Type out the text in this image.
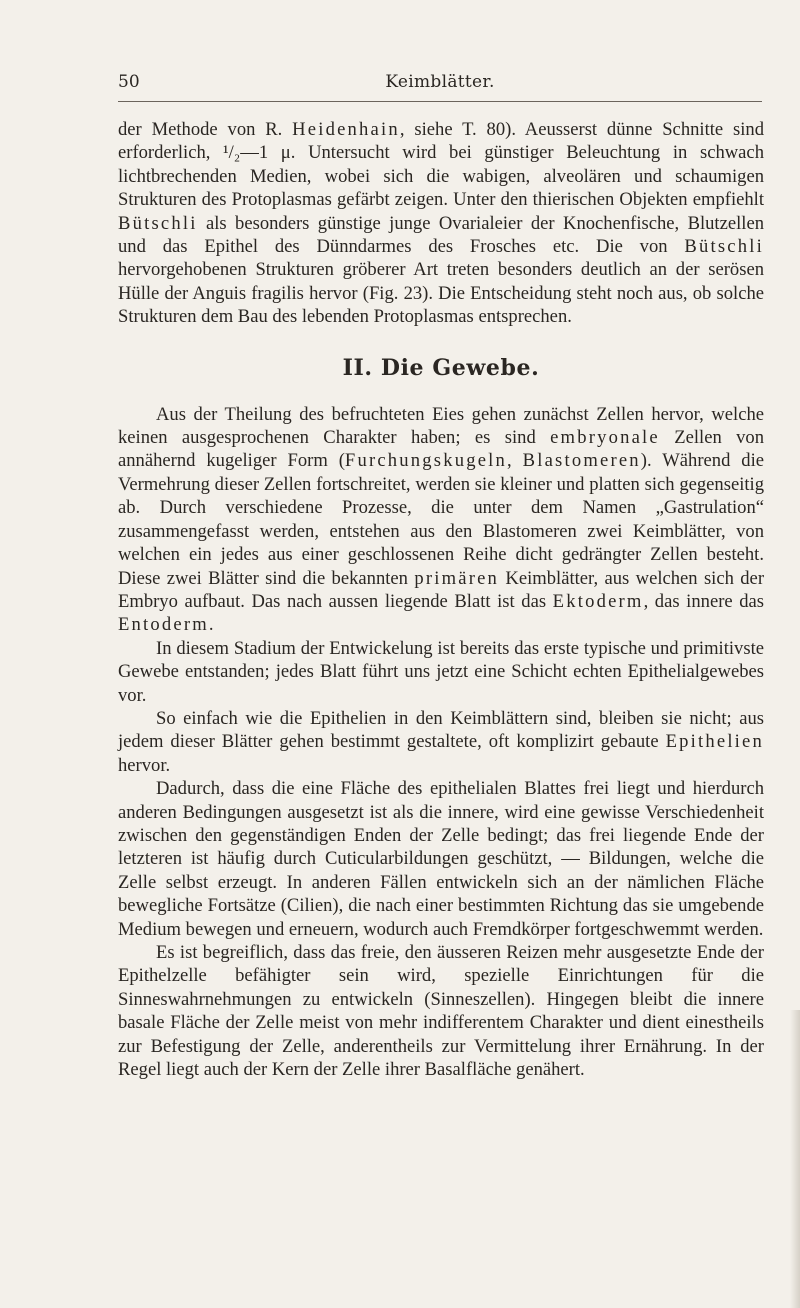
50	Keimblätter.

der Methode von R. Heidenhain, siehe T. 80). Aeusserst dünne Schnitte sind erforderlich, ¹/₂—1 μ. Untersucht wird bei günstiger Beleuchtung in schwach lichtbrechenden Medien, wobei sich die wabigen, alveolären und schaumigen Strukturen des Protoplasmas gefärbt zeigen. Unter den thierischen Objekten empfiehlt Bütschli als besonders günstige junge Ovarialeier der Knochenfische, Blutzellen und das Epithel des Dünndarmes des Frosches etc. Die von Bütschli hervorgehobenen Strukturen gröberer Art treten besonders deutlich an der serösen Hülle der Anguis fragilis hervor (Fig. 23). Die Entscheidung steht noch aus, ob solche Strukturen dem Bau des lebenden Protoplasmas entsprechen.

II. Die Gewebe.

Aus der Theilung des befruchteten Eies gehen zunächst Zellen hervor, welche keinen ausgesprochenen Charakter haben; es sind embryonale Zellen von annähernd kugeliger Form (Furchungskugeln, Blastomeren). Während die Vermehrung dieser Zellen fortschreitet, werden sie kleiner und platten sich gegenseitig ab. Durch verschiedene Prozesse, die unter dem Namen „Gastrulation“ zusammengefasst werden, entstehen aus den Blastomeren zwei Keimblätter, von welchen ein jedes aus einer geschlossenen Reihe dicht gedrängter Zellen besteht. Diese zwei Blätter sind die bekannten primären Keimblätter, aus welchen sich der Embryo aufbaut. Das nach aussen liegende Blatt ist das Ektoderm, das innere das Entoderm.

In diesem Stadium der Entwickelung ist bereits das erste typische und primitivste Gewebe entstanden; jedes Blatt führt uns jetzt eine Schicht echten Epithelialgewebes vor.

So einfach wie die Epithelien in den Keimblättern sind, bleiben sie nicht; aus jedem dieser Blätter gehen bestimmt gestaltete, oft komplizirt gebaute Epithelien hervor.

Dadurch, dass die eine Fläche des epithelialen Blattes frei liegt und hierdurch anderen Bedingungen ausgesetzt ist als die innere, wird eine gewisse Verschiedenheit zwischen den gegenständigen Enden der Zelle bedingt; das frei liegende Ende der letzteren ist häufig durch Cuticularbildungen geschützt, — Bildungen, welche die Zelle selbst erzeugt. In anderen Fällen entwickeln sich an der nämlichen Fläche bewegliche Fortsätze (Cilien), die nach einer bestimmten Richtung das sie umgebende Medium bewegen und erneuern, wodurch auch Fremdkörper fortgeschwemmt werden.

Es ist begreiflich, dass das freie, den äusseren Reizen mehr ausgesetzte Ende der Epithelzelle befähigter sein wird, spezielle Einrichtungen für die Sinneswahrnehmungen zu entwickeln (Sinneszellen). Hingegen bleibt die innere basale Fläche der Zelle meist von mehr indifferentem Charakter und dient einestheils zur Befestigung der Zelle, anderentheils zur Vermittelung ihrer Ernährung. In der Regel liegt auch der Kern der Zelle ihrer Basalfläche genähert.
